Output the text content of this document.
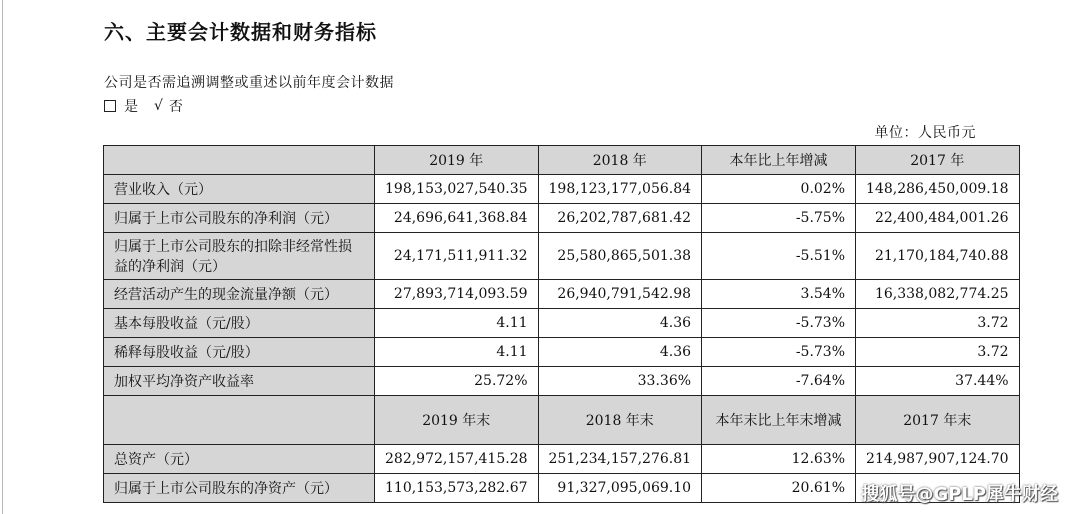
六、主要会计数据和财务指标
公司是否需追溯调整或重述以前年度会计数据
是 √ 否
单位：人民币元
	2019 年	2018 年	本年比上年增减	2017 年
营业收入（元）	198,153,027,540.35	198,123,177,056.84	0.02%	148,286,450,009.18
归属于上市公司股东的净利润（元）	24,696,641,368.84	26,202,787,681.42	-5.75%	22,400,484,001.26
归属于上市公司股东的扣除非经常性损益的净利润（元）	24,171,511,911.32	25,580,865,501.38	-5.51%	21,170,184,740.88
经营活动产生的现金流量净额（元）	27,893,714,093.59	26,940,791,542.98	3.54%	16,338,082,774.25
基本每股收益（元/股）	4.11	4.36	-5.73%	3.72
稀释每股收益（元/股）	4.11	4.36	-5.73%	3.72
加权平均净资产收益率	25.72%	33.36%	-7.64%	37.44%
	2019 年末	2018 年末	本年末比上年末增减	2017 年末
总资产（元）	282,972,157,415.28	251,234,157,276.81	12.63%	214,987,907,124.70
归属于上市公司股东的净资产（元）	110,153,573,282.67	91,327,095,069.10	20.61%	搜狐号@GPLP犀牛财经
